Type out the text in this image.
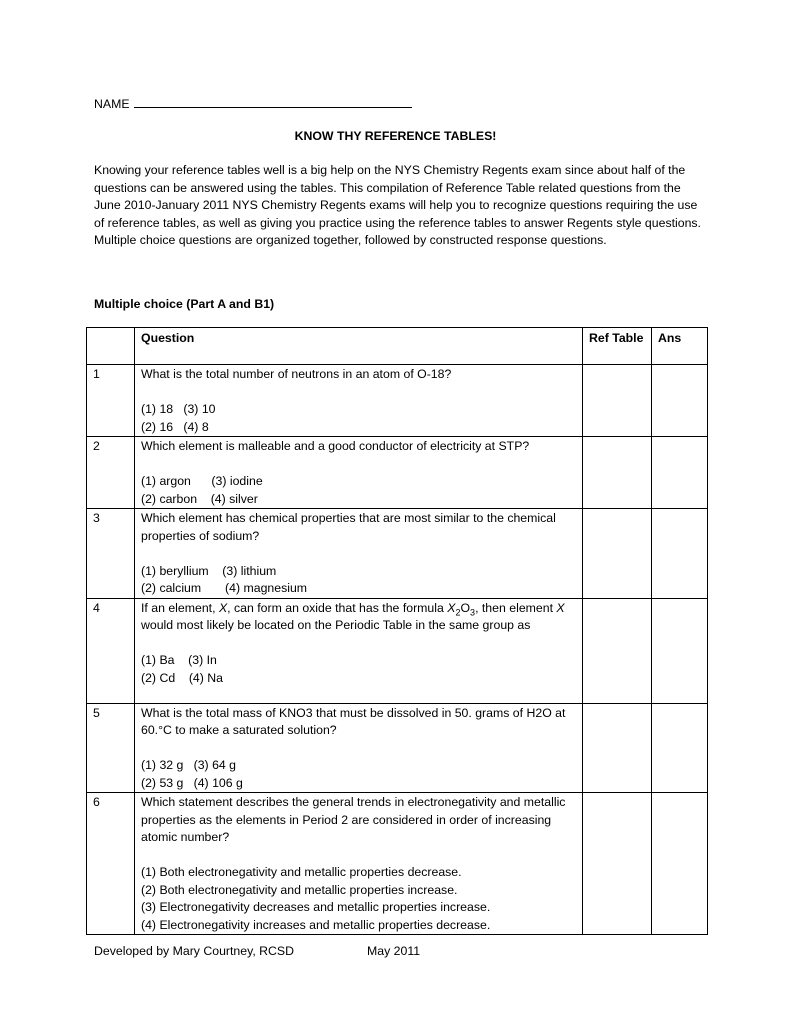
NAME
KNOW THY REFERENCE TABLES!
Knowing your reference tables well is a big help on the NYS Chemistry Regents exam since about half of the questions can be answered using the tables. This compilation of Reference Table related questions from the June 2010-January 2011 NYS Chemistry Regents exams will help you to recognize questions requiring the use of reference tables, as well as giving you practice using the reference tables to answer Regents style questions. Multiple choice questions are organized together, followed by constructed response questions.
Multiple choice (Part A and B1)
	Question	Ref Table	Ans
1	What is the total number of neutrons in an atom of O-18?
(1) 18   (3) 10
(2) 16   (4) 8		

2	Which element is malleable and a good conductor of electricity at STP?
(1) argon      (3) iodine
(2) carbon    (4) silver		

3	Which element has chemical properties that are most similar to the chemical properties of sodium?
(1) beryllium    (3) lithium
(2) calcium       (4) magnesium		

4	If an element, X, can form an oxide that has the formula $X_2O_3$, then element X would most likely be located on the Periodic Table in the same group as
(1) Ba    (3) In
(2) Cd    (4) Na		

5	What is the total mass of KNO3 that must be dissolved in 50. grams of H2O at 60.°C to make a saturated solution?
(1) 32 g   (3) 64 g
(2) 53 g   (4) 106 g		

6	Which statement describes the general trends in electronegativity and metallic properties as the elements in Period 2 are considered in order of increasing atomic number?
(1) Both electronegativity and metallic properties decrease.
(2) Both electronegativity and metallic properties increase.
(3) Electronegativity decreases and metallic properties increase.
(4) Electronegativity increases and metallic properties decrease.		

Developed by Mary Courtney, RCSD	May 2011
